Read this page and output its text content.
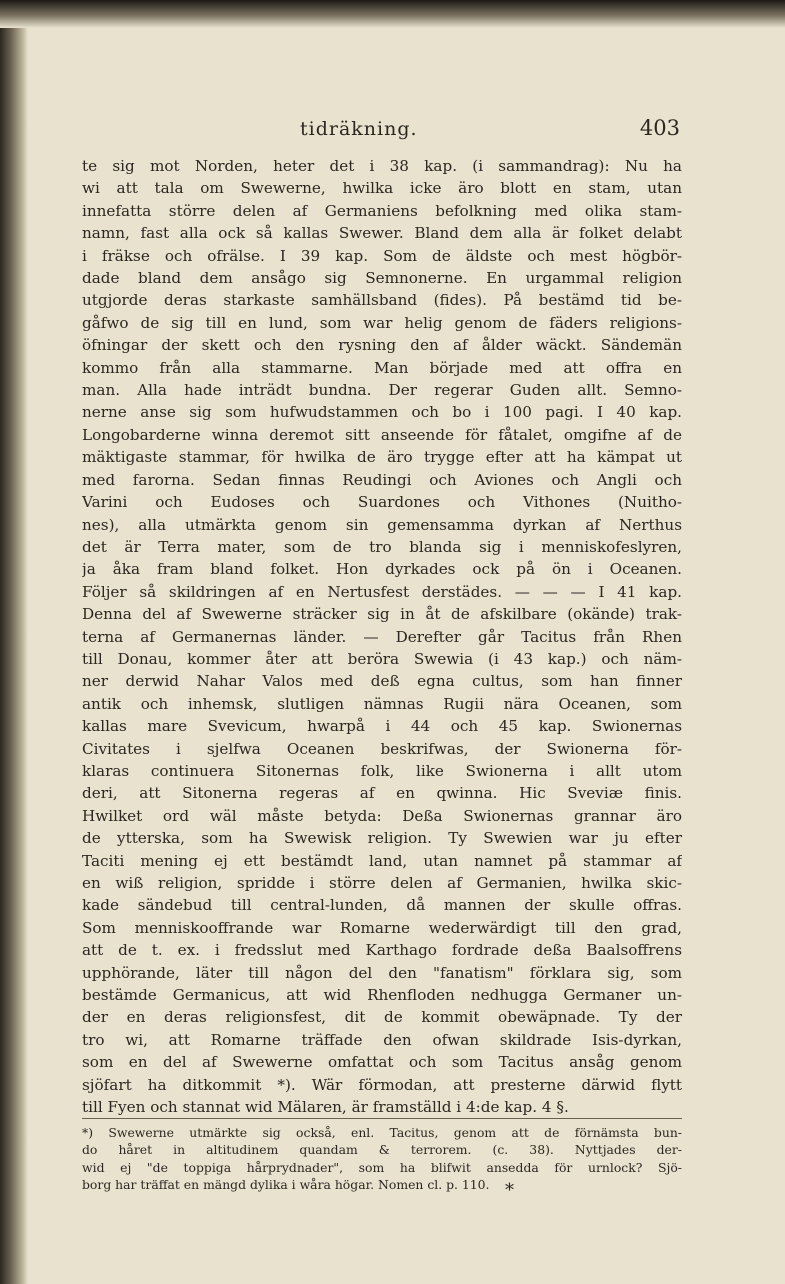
tidräkning.	403
te sig mot Norden, heter det i 38 kap. (i sammandrag): Nu ha
wi att tala om Swewerne, hwilka icke äro blott en stam, utan
innefatta större delen af Germaniens befolkning med olika stam-
namn, fast alla ock så kallas Swewer. Bland dem alla är folket delabt
i fräkse och ofrälse. I 39 kap. Som de äldste och mest högbör-
dade bland dem ansågo sig Semnonerne. En urgammal religion
utgjorde deras starkaste samhällsband (fides). På bestämd tid be-
gåfwo de sig till en lund, som war helig genom de fäders religions-
öfningar der skett och den rysning den af ålder wäckt. Sändemän
kommo från alla stammarne. Man började med att offra en
man. Alla hade inträdt bundna. Der regerar Guden allt. Semno-
nerne anse sig som hufwudstammen och bo i 100 pagi. I 40 kap.
Longobarderne winna deremot sitt anseende för fåtalet, omgifne af de
mäktigaste stammar, för hwilka de äro trygge efter att ha kämpat ut
med farorna. Sedan finnas Reudingi och Aviones och Angli och
Varini och Eudoses och Suardones och Vithones (Nuitho-
nes), alla utmärkta genom sin gemensamma dyrkan af Nerthus
det är Terra mater, som de tro blanda sig i menniskofeslyren,
ja åka fram bland folket. Hon dyrkades ock på ön i Oceanen.
Följer så skildringen af en Nertusfest derstädes. — — — I 41 kap.
Denna del af Swewerne sträcker sig in åt de afskilbare (okände) trak-
terna af Germanernas länder. — Derefter går Tacitus från Rhen
till Donau, kommer åter att beröra Swewia (i 43 kap.) och näm-
ner derwid Nahar Valos med deß egna cultus, som han finner
antik och inhemsk, slutligen nämnas Rugii nära Oceanen, som
kallas mare Svevicum, hwarpå i 44 och 45 kap. Swionernas
Civitates i sjelfwa Oceanen beskrifwas, der Swionerna för-
klaras continuera Sitonernas folk, like Swionerna i allt utom
deri, att Sitonerna regeras af en qwinna. Hic Sveviæ finis.
Hwilket ord wäl måste betyda: Deßa Swionernas grannar äro
de ytterska, som ha Swewisk religion. Ty Swewien war ju efter
Taciti mening ej ett bestämdt land, utan namnet på stammar af
en wiß religion, spridde i större delen af Germanien, hwilka skic-
kade sändebud till central-lunden, då mannen der skulle offras.
Som menniskooffrande war Romarne wederwärdigt till den grad,
att de t. ex. i fredsslut med Karthago fordrade deßa Baalsoffrens
upphörande, läter till någon del den "fanatism" förklara sig, som
bestämde Germanicus, att wid Rhenfloden nedhugga Germaner un-
der en deras religionsfest, dit de kommit obewäpnade. Ty der
tro wi, att Romarne träffade den ofwan skildrade Isis-dyrkan,
som en del af Swewerne omfattat och som Tacitus ansåg genom
sjöfart ha ditkommit *). Wär förmodan, att presterne därwid flytt
till Fyen och stannat wid Mälaren, är framställd i 4:de kap. 4 §.
*) Swewerne utmärkte sig också, enl. Tacitus, genom att de förnämsta bun-
do håret in altitudinem quandam & terrorem. (c. 38). Nyttjades der-
wid ej "de toppiga hårprydnader", som ha blifwit ansedda för urnlock? Sjö-
borg har träffat en mängd dylika i wåra högar. Nomen cl. p. 110. *
